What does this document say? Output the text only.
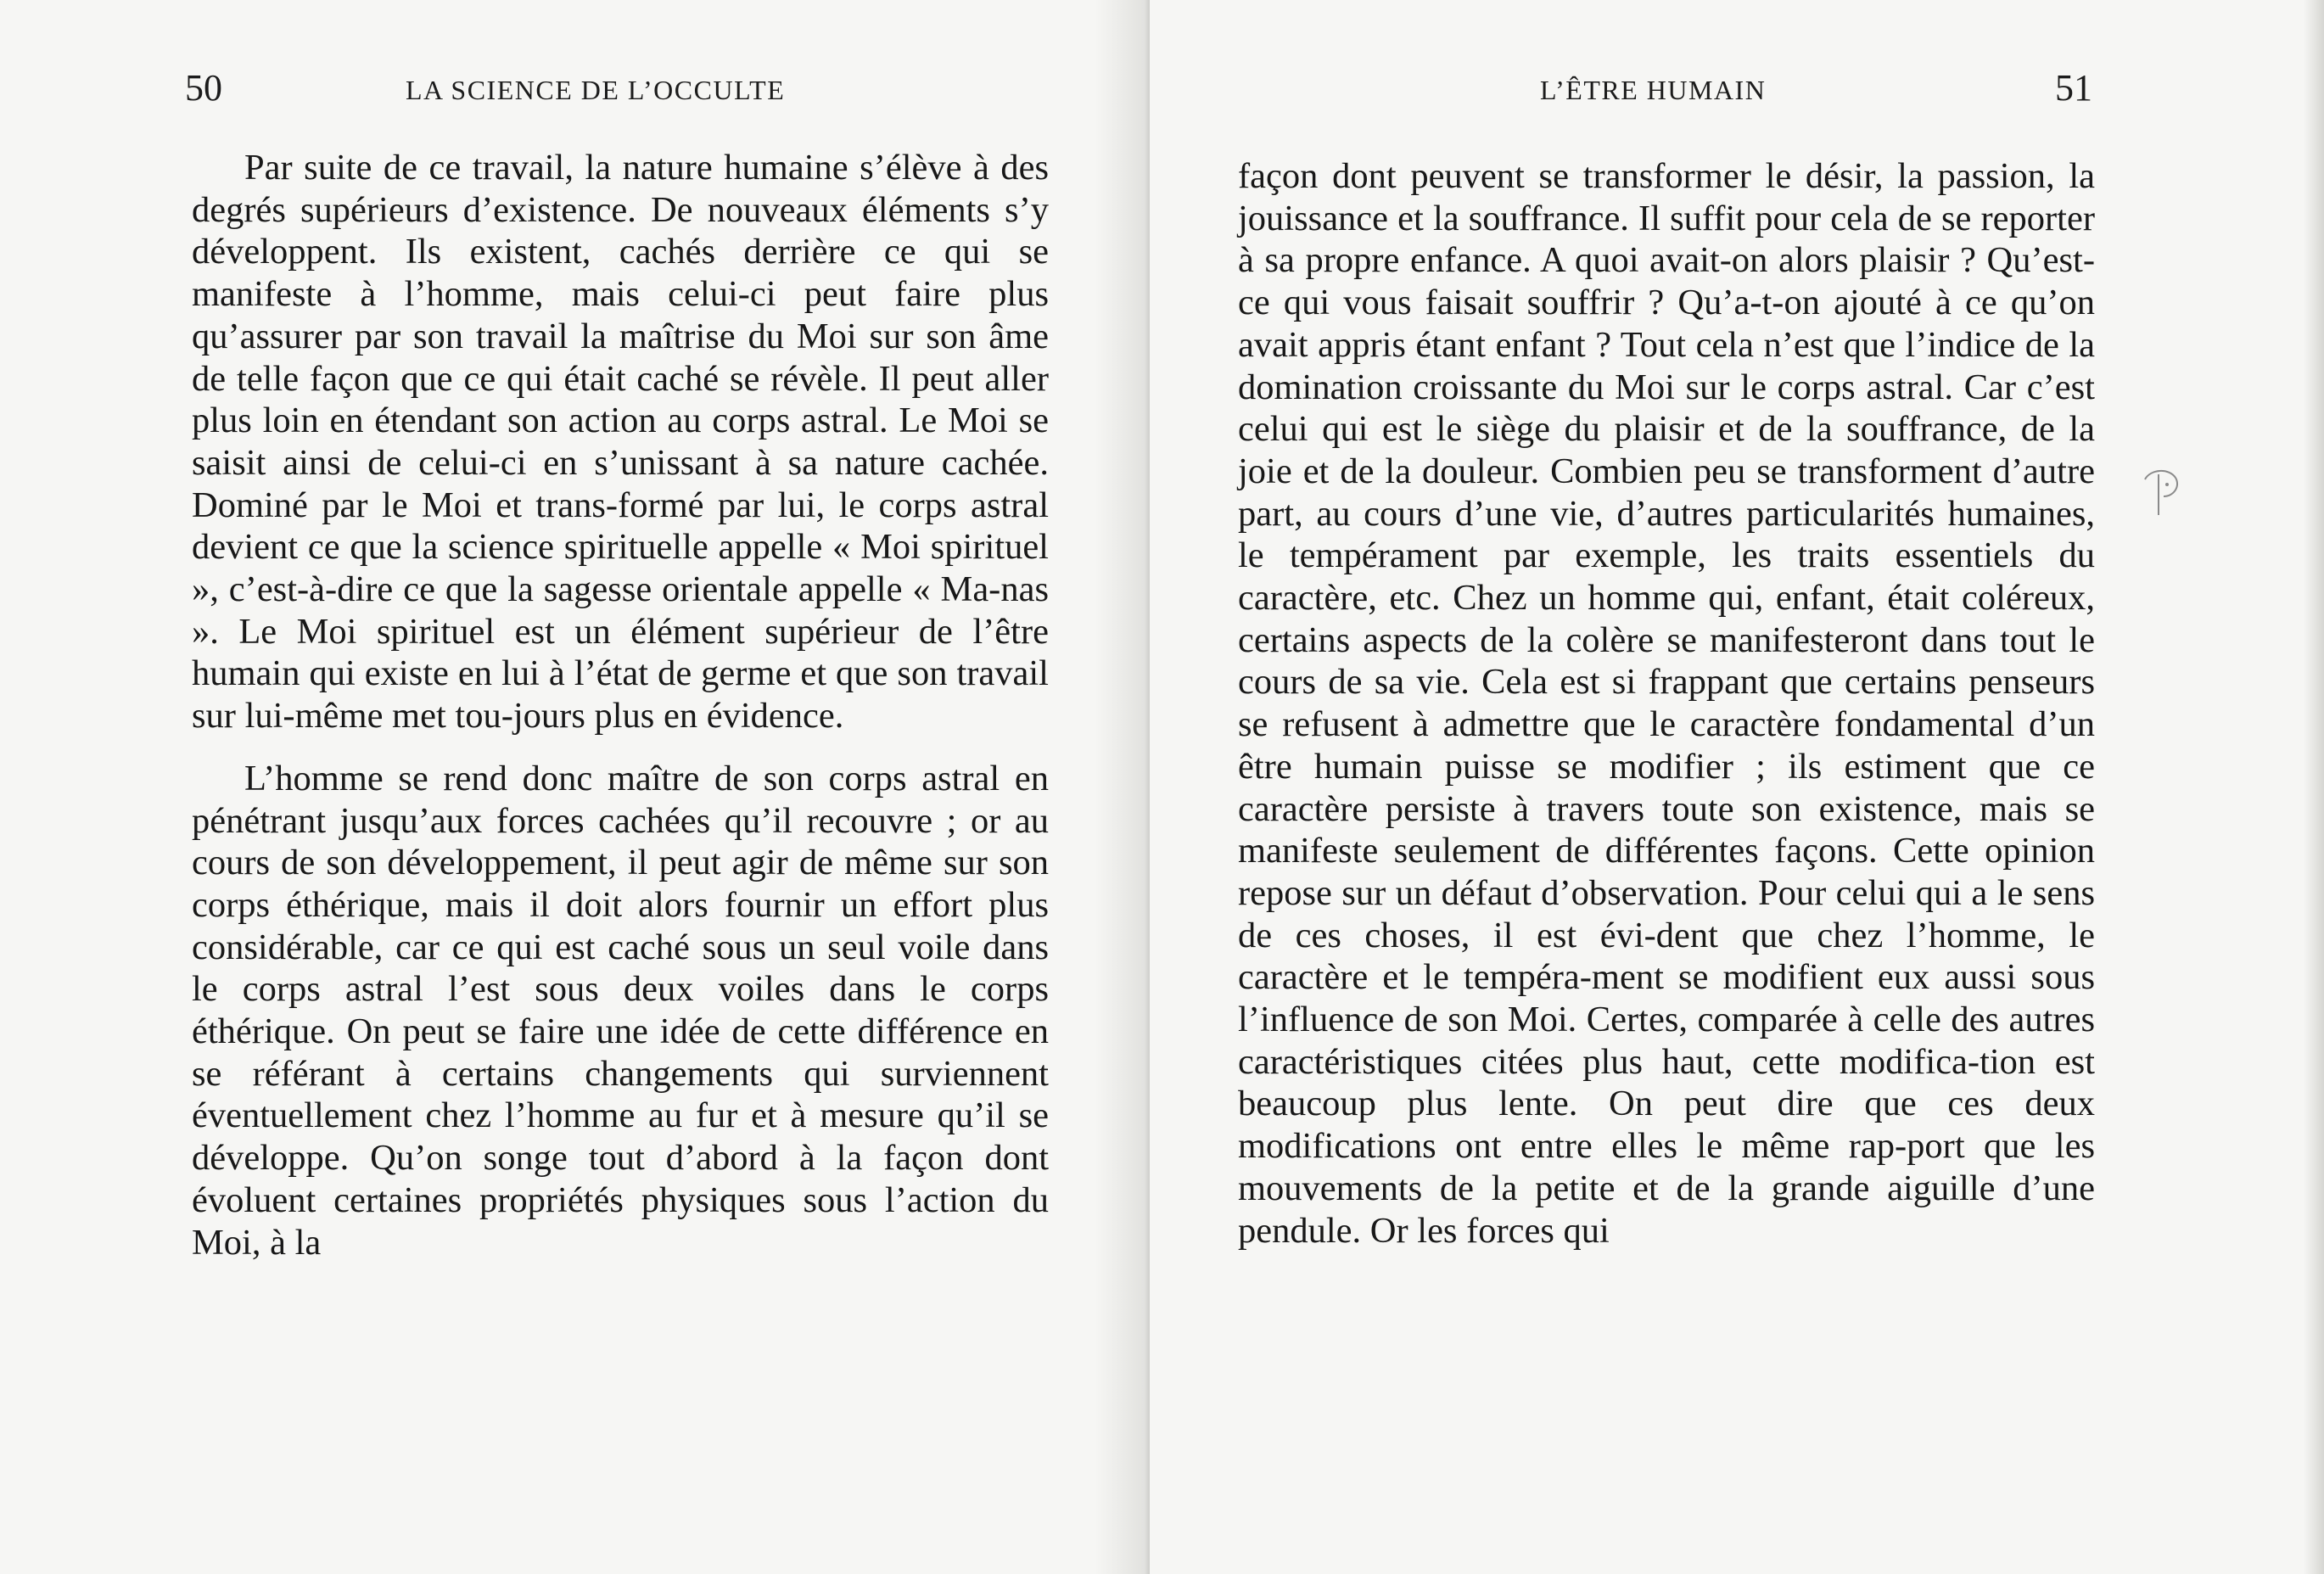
50	LA SCIENCE DE L’OCCULTE

Par suite de ce travail, la nature humaine s’élève à des degrés supérieurs d’existence. De nouveaux éléments s’y développent. Ils existent, cachés derrière ce qui se manifeste à l’homme, mais celui-ci peut faire plus qu’assurer par son travail la maîtrise du Moi sur son âme de telle façon que ce qui était caché se révèle. Il peut aller plus loin en étendant son action au corps astral. Le Moi se saisit ainsi de celui-ci en s’unissant à sa nature cachée. Dominé par le Moi et trans-formé par lui, le corps astral devient ce que la science spirituelle appelle « Moi spirituel », c’est-à-dire ce que la sagesse orientale appelle « Ma-nas ». Le Moi spirituel est un élément supérieur de l’être humain qui existe en lui à l’état de germe et que son travail sur lui-même met tou-jours plus en évidence.

L’homme se rend donc maître de son corps astral en pénétrant jusqu’aux forces cachées qu’il recouvre ; or au cours de son développement, il peut agir de même sur son corps éthérique, mais il doit alors fournir un effort plus considérable, car ce qui est caché sous un seul voile dans le corps astral l’est sous deux voiles dans le corps éthérique. On peut se faire une idée de cette différence en se référant à certains changements qui surviennent éventuellement chez l’homme au fur et à mesure qu’il se développe. Qu’on songe tout d’abord à la façon dont évoluent certaines propriétés physiques sous l’action du Moi, à la

L’ÊTRE HUMAIN	51

façon dont peuvent se transformer le désir, la passion, la jouissance et la souffrance. Il suffit pour cela de se reporter à sa propre enfance. A quoi avait-on alors plaisir ? Qu’est-ce qui vous faisait souffrir ? Qu’a-t-on ajouté à ce qu’on avait appris étant enfant ? Tout cela n’est que l’indice de la domination croissante du Moi sur le corps astral. Car c’est celui qui est le siège du plaisir et de la souffrance, de la joie et de la douleur. Combien peu se transforment d’autre part, au cours d’une vie, d’autres particularités humaines, le tempérament par exemple, les traits essentiels du caractère, etc. Chez un homme qui, enfant, était coléreux, certains aspects de la colère se manifesteront dans tout le cours de sa vie. Cela est si frappant que certains penseurs se refusent à admettre que le caractère fondamental d’un être humain puisse se modifier ; ils estiment que ce caractère persiste à travers toute son existence, mais se manifeste seulement de différentes façons. Cette opinion repose sur un défaut d’observation. Pour celui qui a le sens de ces choses, il est évi-dent que chez l’homme, le caractère et le tempéra-ment se modifient eux aussi sous l’influence de son Moi. Certes, comparée à celle des autres caractéristiques citées plus haut, cette modifica-tion est beaucoup plus lente. On peut dire que ces deux modifications ont entre elles le même rap-port que les mouvements de la petite et de la grande aiguille d’une pendule. Or les forces qui
